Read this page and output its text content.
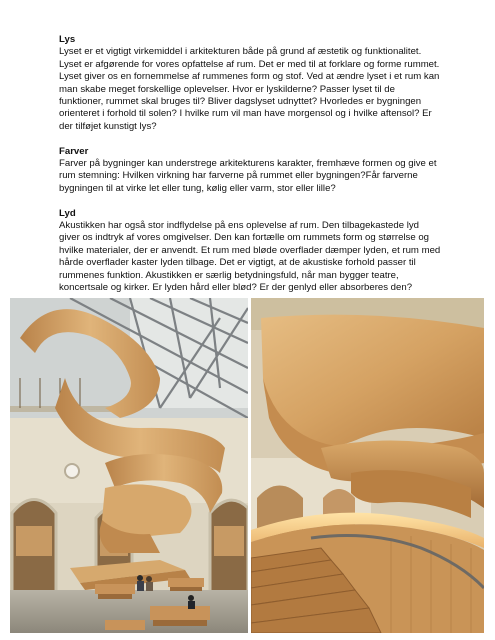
Lys

Lyset er et vigtigt virkemiddel i arkitekturen både på grund af æstetik og funktionalitet. Lyset er afgørende for vores opfattelse af rum. Det er med til at forklare og forme rummet. Lyset giver os en fornemmelse af rummenes form og stof. Ved at ændre lyset i et rum kan man skabe meget forskellige oplevelser. Hvor er lyskilderne? Passer lyset til de funktioner, rummet skal bruges til? Bliver dagslyset udnyttet? Hvorledes er bygningen orienteret i forhold til solen? I hvilke rum vil man have morgensol og i hvilke aftensol? Er der tilføjet kunstigt lys?

Farver

Farver på bygninger kan understrege arkitekturens karakter, fremhæve formen og give et rum stemning: Hvilken virkning har farverne på rummet eller bygningen?Får farverne bygningen til at virke let eller tung, kølig eller varm, stor eller lille?

Lyd

Akustikken har også stor indflydelse på ens oplevelse af rum. Den tilbagekastede lyd giver os indtryk af vores omgivelser. Den kan fortælle om rummets form og størrelse og hvilke materialer, der er anvendt. Et rum med bløde overflader dæmper lyden, et rum med hårde overflader kaster lyden tilbage. Det er vigtigt, at de akustiske forhold passer til rummenes funktion. Akustikken er særlig betydningsfuld, når man bygger teatre, koncertsale og kirker. Er lyden hård eller blød? Er der genlyd eller absorberes den?
